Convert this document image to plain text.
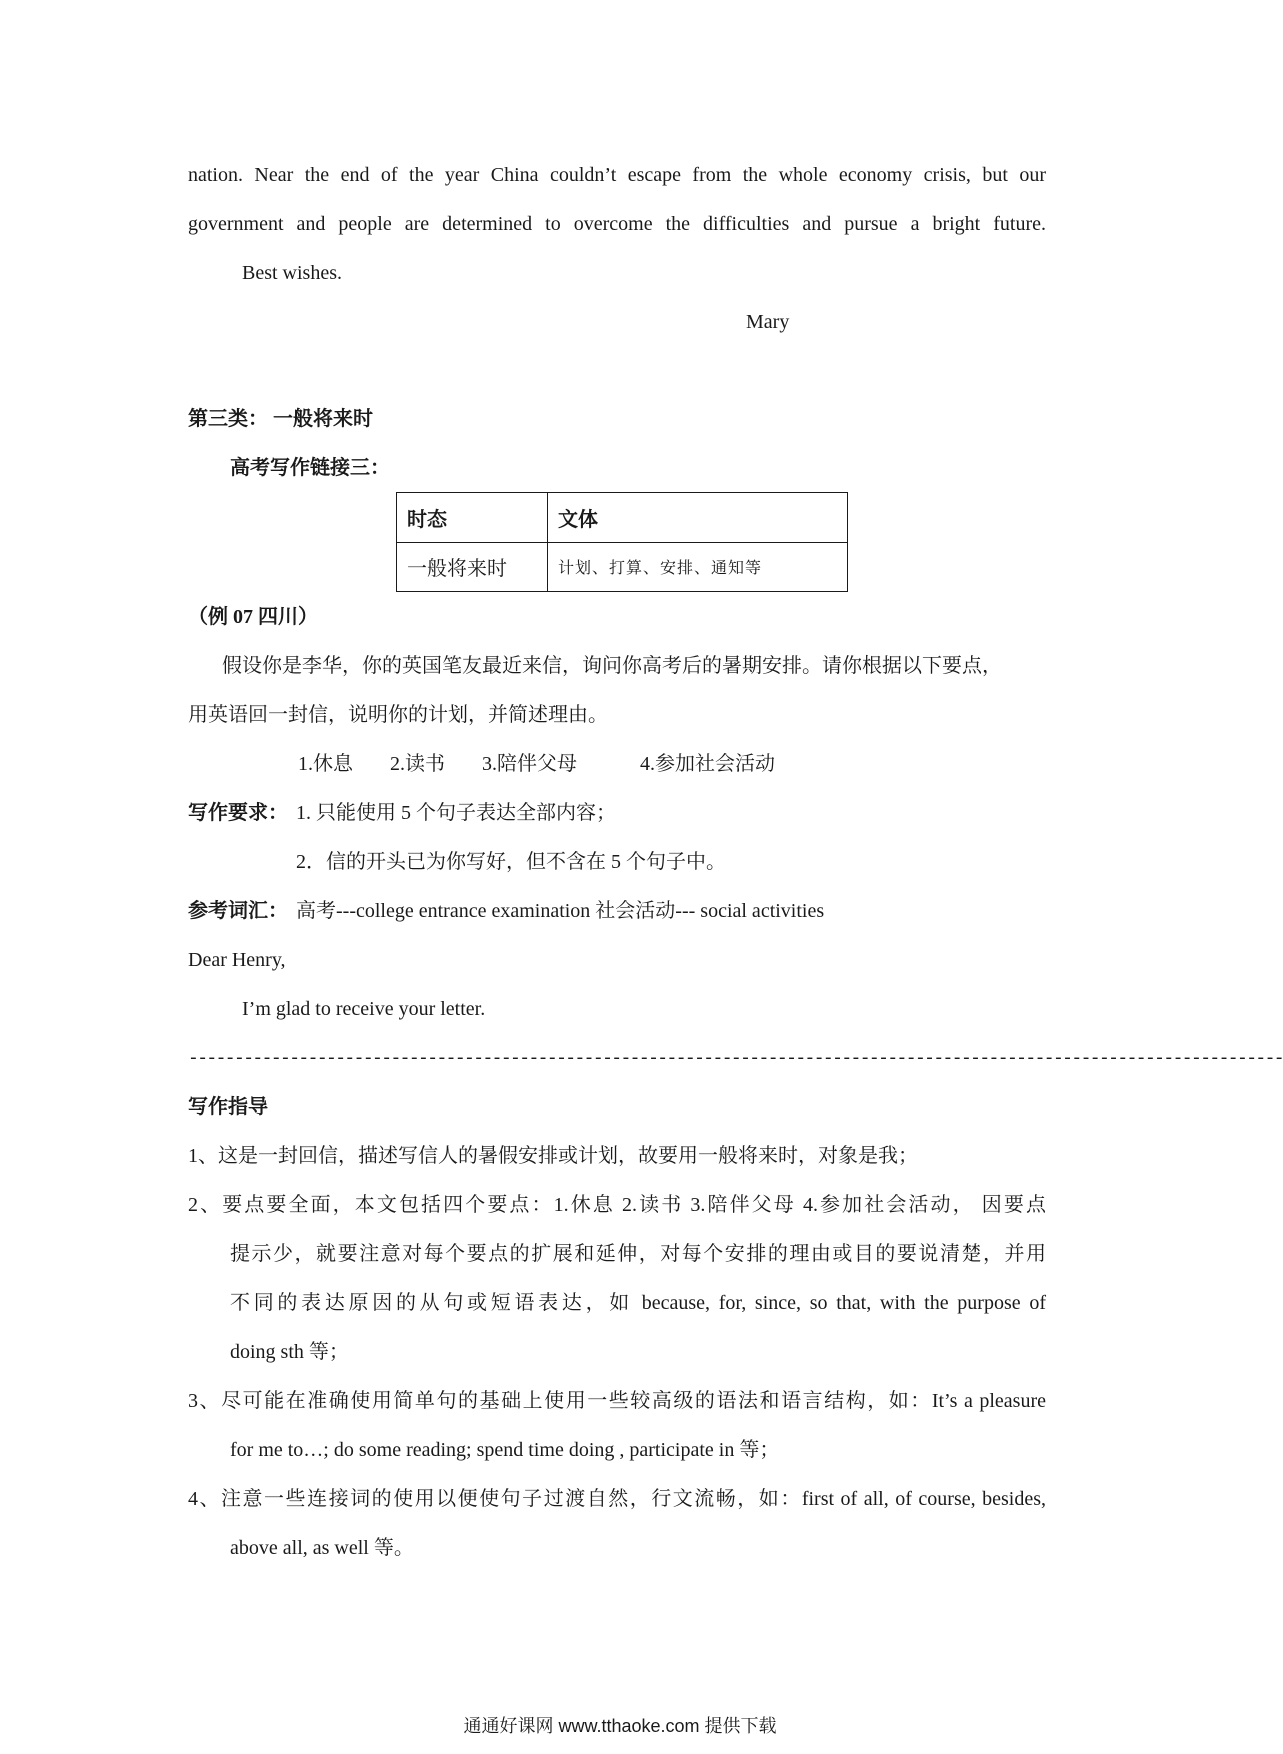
nation. Near the end of the year China couldn’t escape from the whole economy crisis, but our
government and people are determined to overcome the difficulties and pursue a bright future.
Best wishes.
Mary
第三类： 一般将来时
高考写作链接三：
时态	文体
一般将来时	计划、打算、安排、通知等
（例 07 四川）
假设你是李华，你的英国笔友最近来信，询问你高考后的暑期安排。请你根据以下要点，
用英语回一封信，说明你的计划，并简述理由。
1.休息 2.读书 3.陪伴父母	4.参加社会活动
写作要求： 1. 只能使用 5 个句子表达全部内容；
2．信的开头已为你写好，但不含在 5 个句子中。
参考词汇： 高考---college entrance examination 社会活动--- social activities
Dear Henry,
I’m glad to receive your letter.
-----------------------------------------------------------------------------------------------------------------------
写作指导
1、这是一封回信，描述写信人的暑假安排或计划，故要用一般将来时，对象是我；
2、要点要全面，本文包括四个要点：1.休息 2.读书 3.陪伴父母 4.参加社会活动， 因要点
提示少，就要注意对每个要点的扩展和延伸，对每个安排的理由或目的要说清楚，并用
不同的表达原因的从句或短语表达，如 because, for, since, so that, with the purpose of
doing sth 等；
3、尽可能在准确使用简单句的基础上使用一些较高级的语法和语言结构，如：It’s a pleasure
for me to…; do some reading; spend time doing , participate in 等；
4、注意一些连接词的使用以便使句子过渡自然，行文流畅，如：first of all, of course, besides,
above all, as well 等。
通通好课网 www.tthaoke.com 提供下载
